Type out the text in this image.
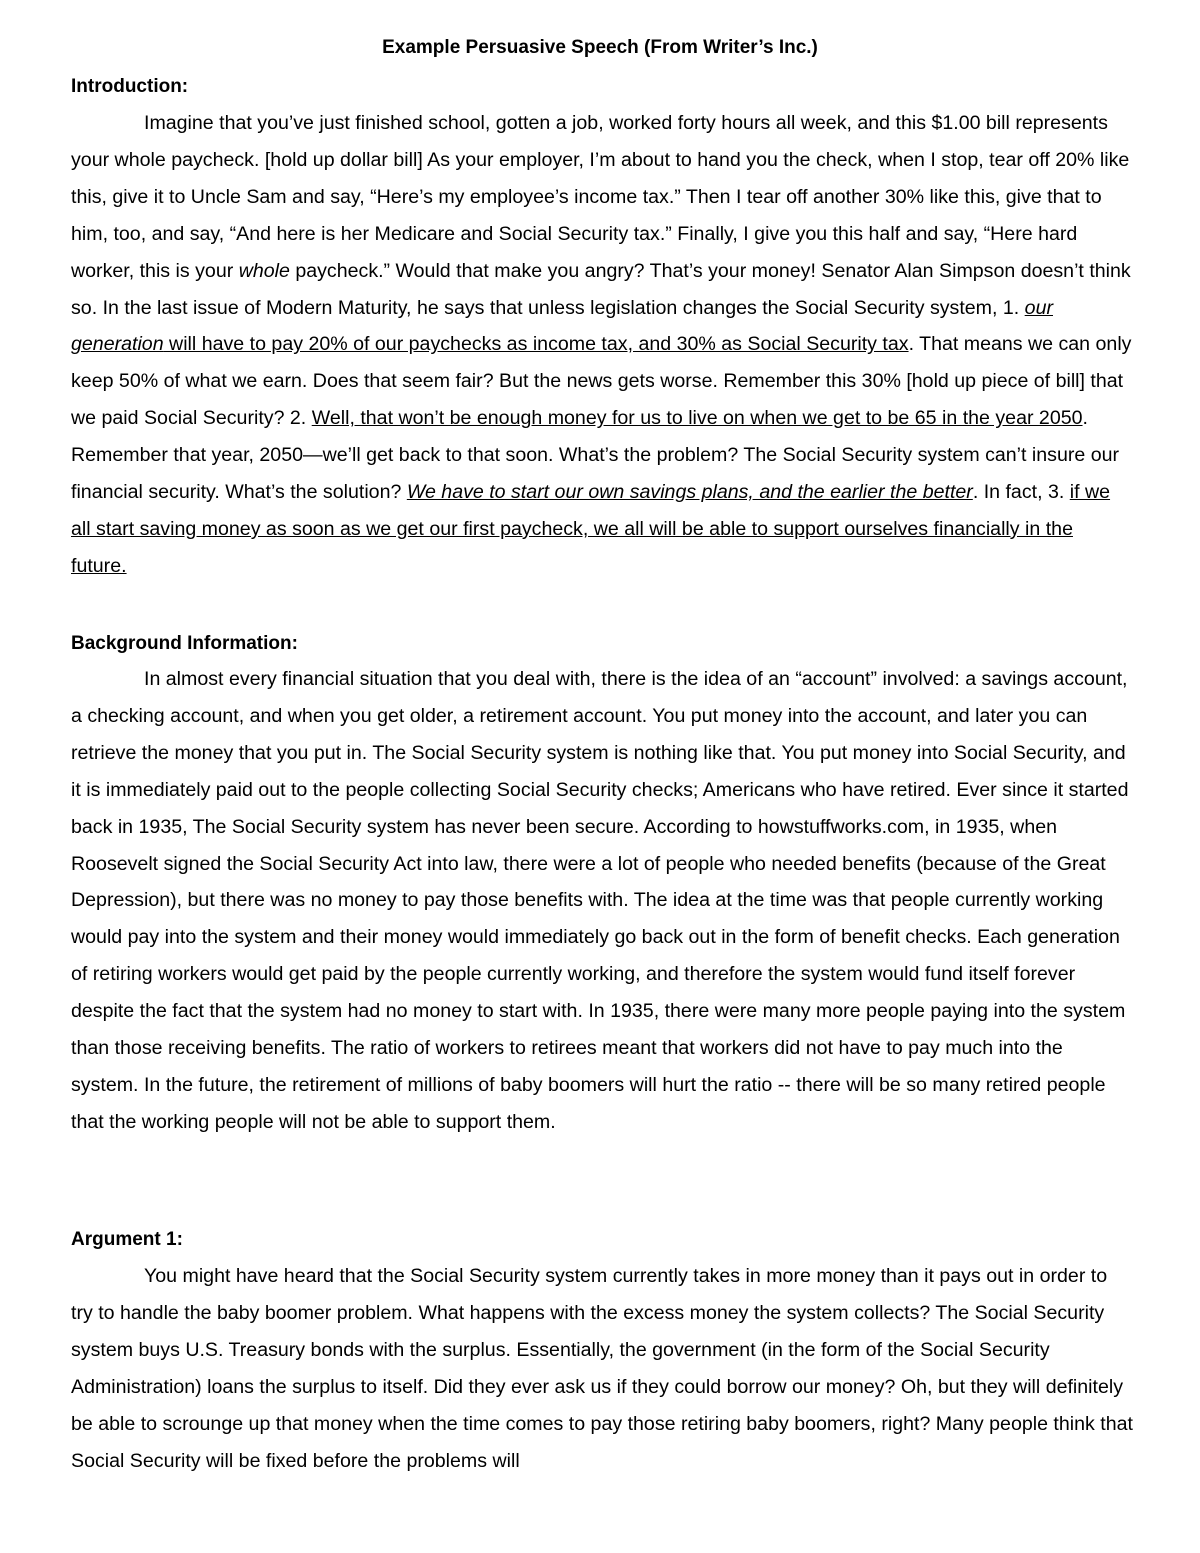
Example Persuasive Speech (From Writer’s Inc.)
Introduction:

Imagine that you’ve just finished school, gotten a job, worked forty hours all week, and this $1.00 bill represents your whole paycheck. [hold up dollar bill] As your employer, I’m about to hand you the check, when I stop, tear off 20% like this, give it to Uncle Sam and say, “Here’s my employee’s income tax.” Then I tear off another 30% like this, give that to him, too, and say, “And here is her Medicare and Social Security tax.” Finally, I give you this half and say, “Here hard worker, this is your whole paycheck.” Would that make you angry? That’s your money! Senator Alan Simpson doesn’t think so. In the last issue of Modern Maturity, he says that unless legislation changes the Social Security system, 1. our generation will have to pay 20% of our paychecks as income tax, and 30% as Social Security tax. That means we can only keep 50% of what we earn. Does that seem fair? But the news gets worse. Remember this 30% [hold up piece of bill] that we paid Social Security? 2. Well, that won’t be enough money for us to live on when we get to be 65 in the year 2050. Remember that year, 2050—we’ll get back to that soon. What’s the problem? The Social Security system can’t insure our financial security. What’s the solution? We have to start our own savings plans, and the earlier the better. In fact, 3. if we all start saving money as soon as we get our first paycheck, we all will be able to support ourselves financially in the future.

Background Information:

In almost every financial situation that you deal with, there is the idea of an “account” involved: a savings account, a checking account, and when you get older, a retirement account. You put money into the account, and later you can retrieve the money that you put in. The Social Security system is nothing like that. You put money into Social Security, and it is immediately paid out to the people collecting Social Security checks; Americans who have retired. Ever since it started back in 1935, The Social Security system has never been secure. According to howstuffworks.com, in 1935, when Roosevelt signed the Social Security Act into law, there were a lot of people who needed benefits (because of the Great Depression), but there was no money to pay those benefits with. The idea at the time was that people currently working would pay into the system and their money would immediately go back out in the form of benefit checks. Each generation of retiring workers would get paid by the people currently working, and therefore the system would fund itself forever despite the fact that the system had no money to start with. In 1935, there were many more people paying into the system than those receiving benefits. The ratio of workers to retirees meant that workers did not have to pay much into the system. In the future, the retirement of millions of baby boomers will hurt the ratio -- there will be so many retired people that the working people will not be able to support them.

Argument 1:

You might have heard that the Social Security system currently takes in more money than it pays out in order to try to handle the baby boomer problem. What happens with the excess money the system collects? The Social Security system buys U.S. Treasury bonds with the surplus. Essentially, the government (in the form of the Social Security Administration) loans the surplus to itself. Did they ever ask us if they could borrow our money? Oh, but they will definitely be able to scrounge up that money when the time comes to pay those retiring baby boomers, right? Many people think that Social Security will be fixed before the problems will
